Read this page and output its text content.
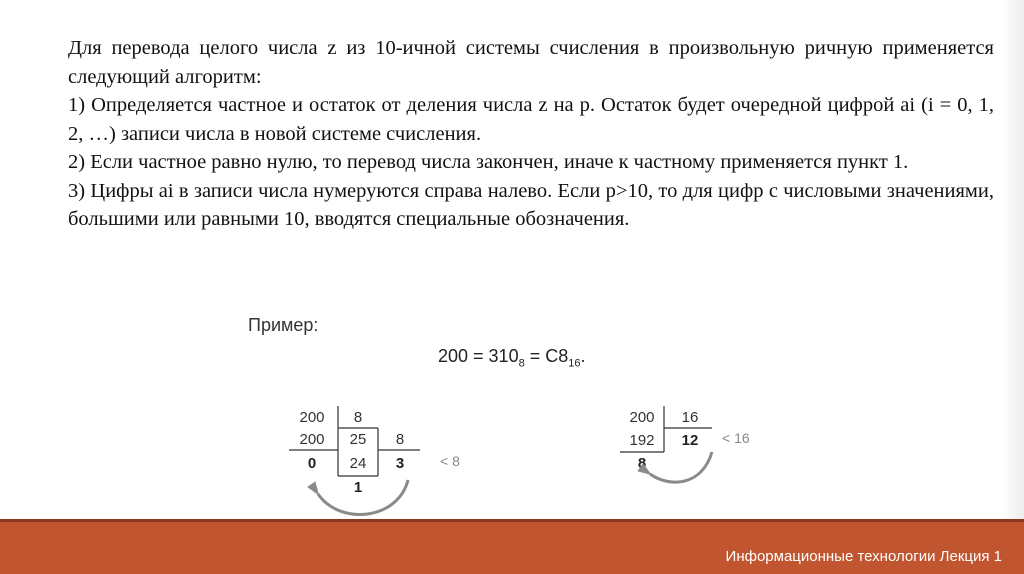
Для перевода целого числа z из 10-ичной системы счисления в произвольную ричную применяется следующий алгоритм:

1) Определяется частное и остаток от деления числа z на p. Остаток будет очередной цифрой ai (i = 0, 1, 2, …) записи числа в новой системе счисления.

2) Если частное равно нулю, то перевод числа закончен, иначе к частному применяется пункт 1.

3) Цифры ai в записи числа нумеруются справа налево. Если p>10, то для цифр с числовыми значениями, большими или равными 10, вводятся специальные обозначения.

Пример:
$200 = 310_8 = C8_{16}$.
200 8
200 25 8
0 24 3
1
< 8
200 16
192 12
8
< 16
Информационные технологии Лекция 1
